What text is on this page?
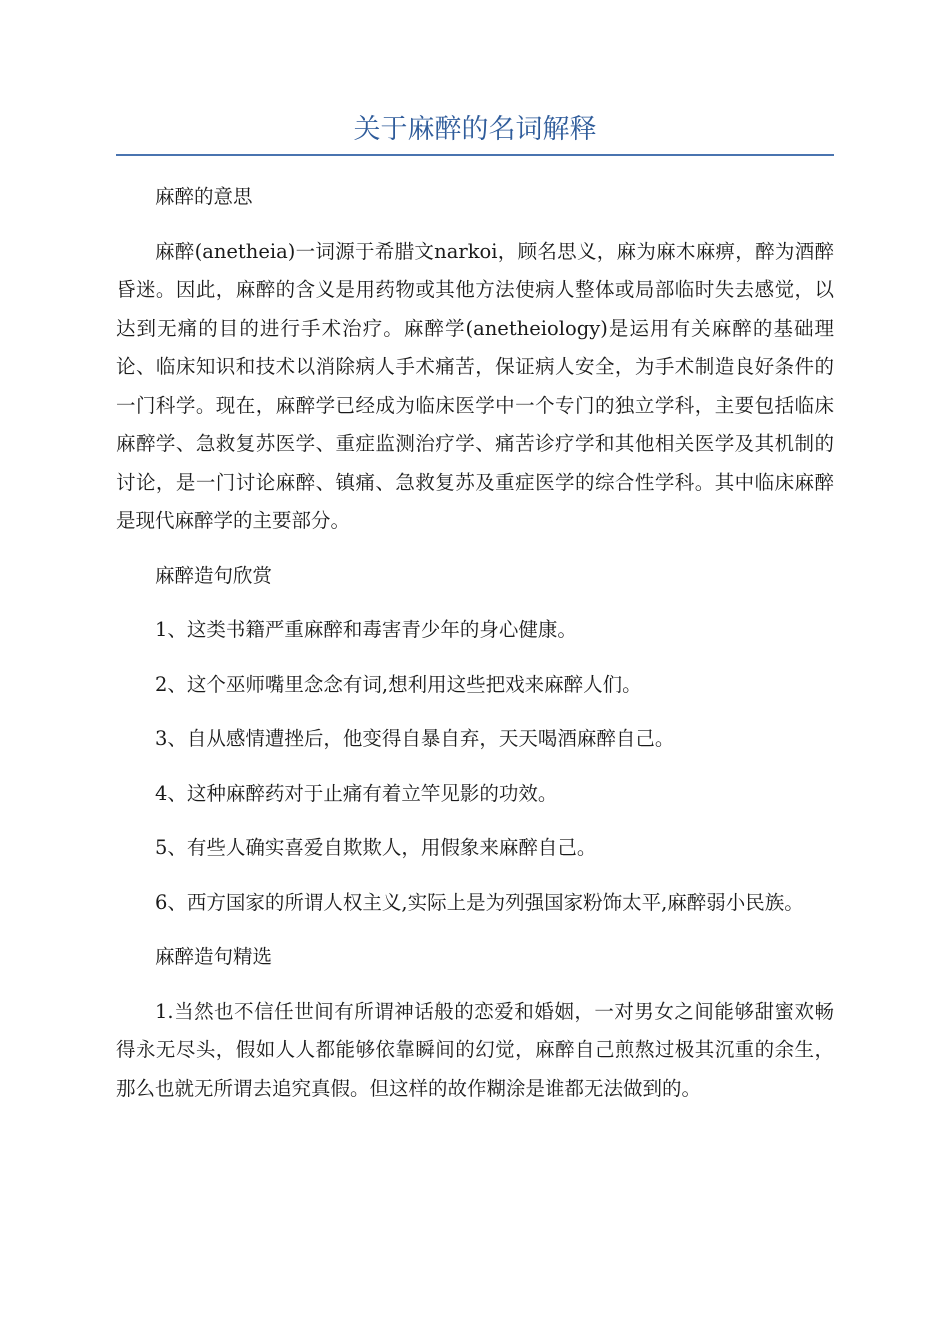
关于麻醉的名词解释

麻醉的意思

麻醉(anetheia)一词源于希腊文narkoi，顾名思义，麻为麻木麻痹，醉为酒醉昏迷。因此，麻醉的含义是用药物或其他方法使病人整体或局部临时失去感觉，以达到无痛的目的进行手术治疗。麻醉学(anetheiology)是运用有关麻醉的基础理论、临床知识和技术以消除病人手术痛苦，保证病人安全，为手术制造良好条件的一门科学。现在，麻醉学已经成为临床医学中一个专门的独立学科，主要包括临床麻醉学、急救复苏医学、重症监测治疗学、痛苦诊疗学和其他相关医学及其机制的讨论，是一门讨论麻醉、镇痛、急救复苏及重症医学的综合性学科。其中临床麻醉是现代麻醉学的主要部分。

麻醉造句欣赏

1、这类书籍严重麻醉和毒害青少年的身心健康。

2、这个巫师嘴里念念有词,想利用这些把戏来麻醉人们。

3、自从感情遭挫后，他变得自暴自弃，天天喝酒麻醉自己。

4、这种麻醉药对于止痛有着立竿见影的功效。

5、有些人确实喜爱自欺欺人，用假象来麻醉自己。

6、西方国家的所谓人权主义,实际上是为列强国家粉饰太平,麻醉弱小民族。

麻醉造句精选

1.当然也不信任世间有所谓神话般的恋爱和婚姻，一对男女之间能够甜蜜欢畅得永无尽头，假如人人都能够依靠瞬间的幻觉，麻醉自己煎熬过极其沉重的余生，那么也就无所谓去追究真假。但这样的故作糊涂是谁都无法做到的。
